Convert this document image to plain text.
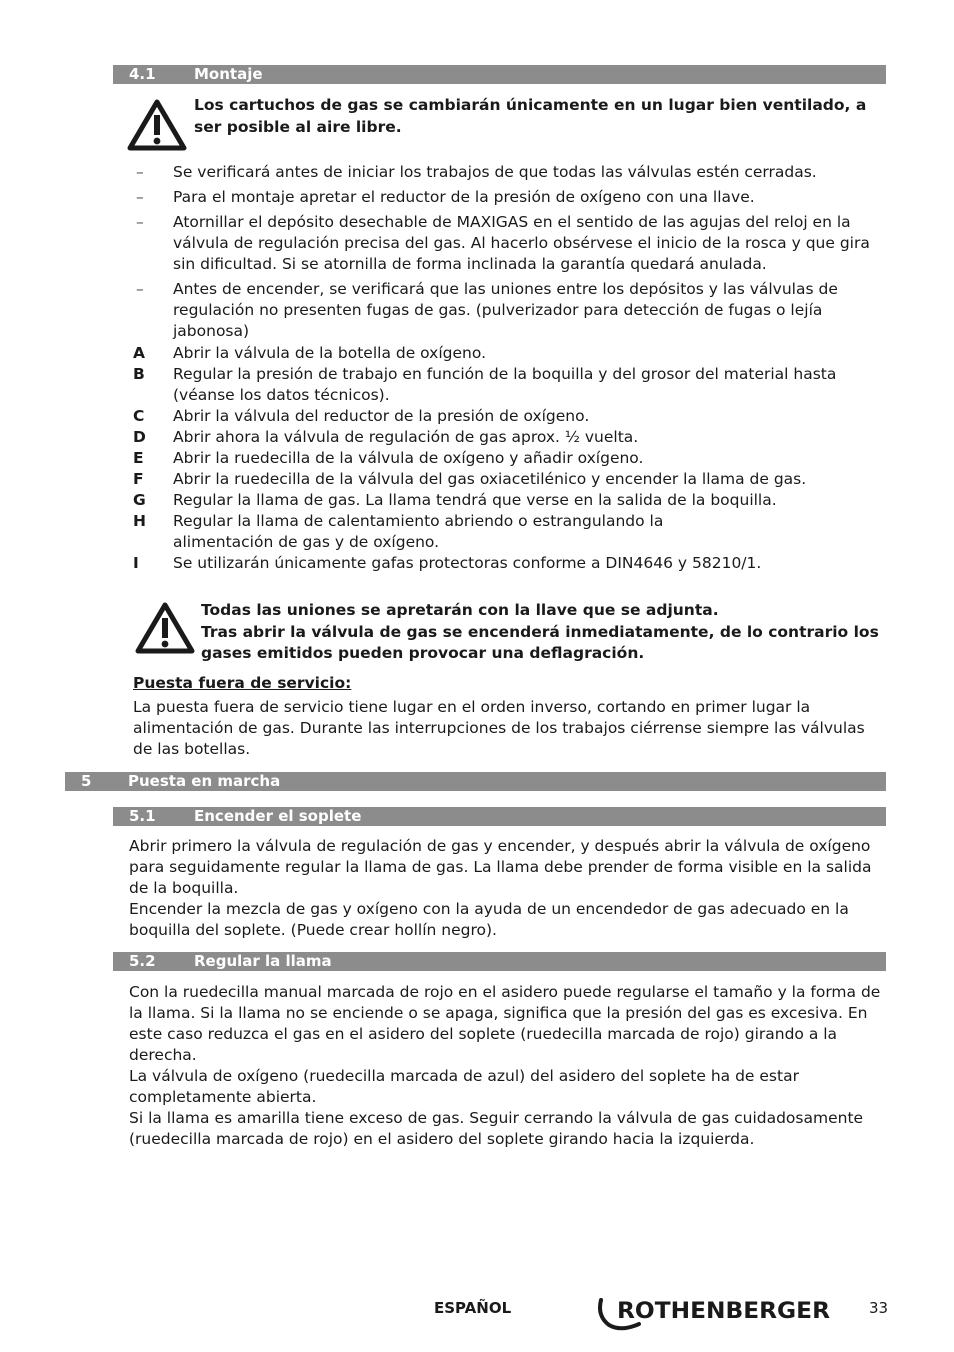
4.1	Montaje
Los cartuchos de gas se cambiarán únicamente en un lugar bien ventilado, a ser posible al aire libre.
– Se verificará antes de iniciar los trabajos de que todas las válvulas estén cerradas.
– Para el montaje apretar el reductor de la presión de oxígeno con una llave.
– Atornillar el depósito desechable de MAXIGAS en el sentido de las agujas del reloj en la válvula de regulación precisa del gas. Al hacerlo obsérvese el inicio de la rosca y que gira sin dificultad. Si se atornilla de forma inclinada la garantía quedará anulada.
– Antes de encender, se verificará que las uniones entre los depósitos y las válvulas de regulación no presenten fugas de gas. (pulverizador para detección de fugas o lejía jabonosa)
A Abrir la válvula de la botella de oxígeno.
B Regular la presión de trabajo en función de la boquilla y del grosor del material hasta (véanse los datos técnicos).
C Abrir la válvula del reductor de la presión de oxígeno.
D Abrir ahora la válvula de regulación de gas aprox. ½ vuelta.
E Abrir la ruedecilla de la válvula de oxígeno y añadir oxígeno.
F Abrir la ruedecilla de la válvula del gas oxiacetilénico y encender la llama de gas.
G Regular la llama de gas. La llama tendrá que verse en la salida de la boquilla.
H Regular la llama de calentamiento abriendo o estrangulando la alimentación de gas y de oxígeno.
I Se utilizarán únicamente gafas protectoras conforme a DIN4646 y 58210/1.
Todas las uniones se apretarán con la llave que se adjunta.
Tras abrir la válvula de gas se encenderá inmediatamente, de lo contrario los gases emitidos pueden provocar una deflagración.
Puesta fuera de servicio:
La puesta fuera de servicio tiene lugar en el orden inverso, cortando en primer lugar la alimentación de gas. Durante las interrupciones de los trabajos ciérrense siempre las válvulas de las botellas.
5 Puesta en marcha
5.1	Encender el soplete
Abrir primero la válvula de regulación de gas y encender, y después abrir la válvula de oxígeno para seguidamente regular la llama de gas. La llama debe prender de forma visible en la salida de la boquilla.
Encender la mezcla de gas y oxígeno con la ayuda de un encendedor de gas adecuado en la boquilla del soplete. (Puede crear hollín negro).
5.2	Regular la llama
Con la ruedecilla manual marcada de rojo en el asidero puede regularse el tamaño y la forma de la llama. Si la llama no se enciende o se apaga, significa que la presión del gas es excesiva. En este caso reduzca el gas en el asidero del soplete (ruedecilla marcada de rojo) girando a la derecha.
La válvula de oxígeno (ruedecilla marcada de azul) del asidero del soplete ha de estar completamente abierta.
Si la llama es amarilla tiene exceso de gas. Seguir cerrando la válvula de gas cuidadosamente (ruedecilla marcada de rojo) en el asidero del soplete girando hacia la izquierda.
ESPAÑOL	ROTHENBERGER	33
